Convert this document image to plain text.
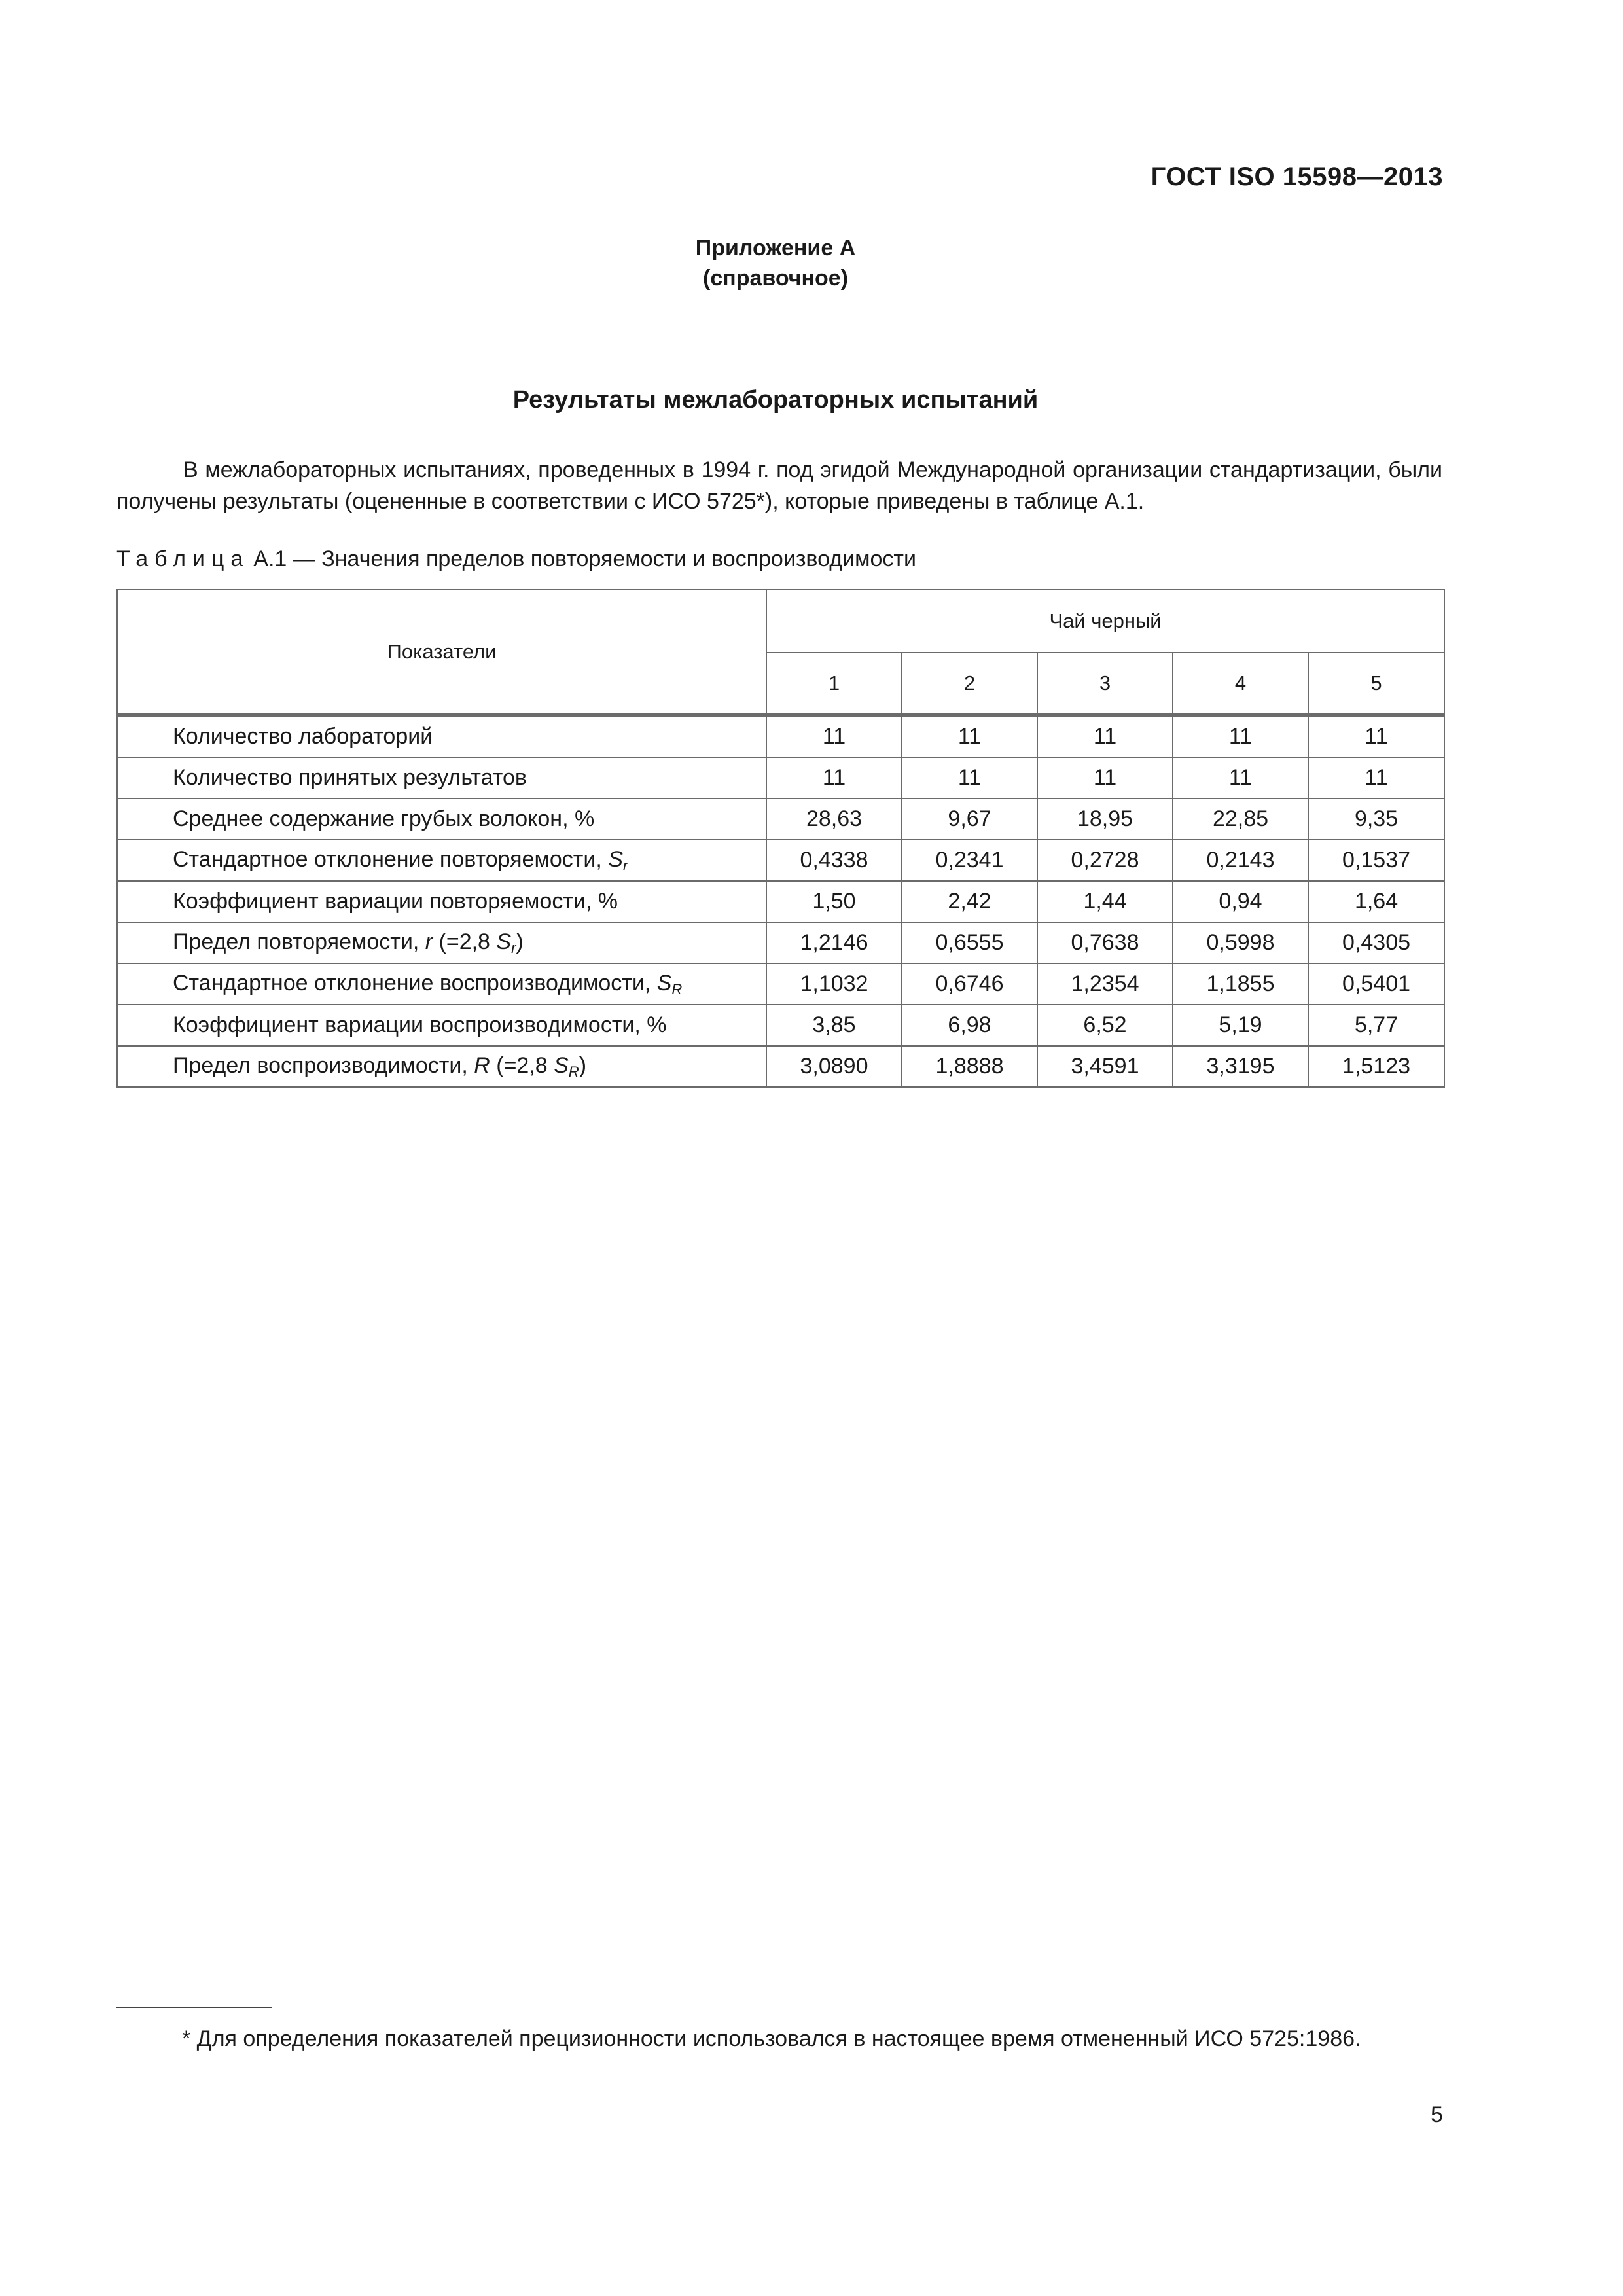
ГОСТ ISO 15598—2013
Приложение А
(справочное)
Результаты межлабораторных испытаний
В межлабораторных испытаниях, проведенных в 1994 г. под эгидой Международной организации стандартизации, были получены результаты (оцененные в соответствии с ИСО 5725*), которые приведены в таблице А.1.
Таблица А.1 — Значения пределов повторяемости и воспроизводимости
Показатели	Чай черный				
	1	2	3	4	5
Количество лабораторий	11	11	11	11	11
Количество принятых результатов	11	11	11	11	11
Среднее содержание грубых волокон, %	28,63	9,67	18,95	22,85	9,35
Стандартное отклонение повторяемости, $S_r$	0,4338	0,2341	0,2728	0,2143	0,1537
Коэффициент вариации повторяемости, %	1,50	2,42	1,44	0,94	1,64
Предел повторяемости, r (=2,8 $S_r$)	1,2146	0,6555	0,7638	0,5998	0,4305
Стандартное отклонение воспроизводимости, $S_R$	1,1032	0,6746	1,2354	1,1855	0,5401
Коэффициент вариации воспроизводимости, %	3,85	6,98	6,52	5,19	5,77
Предел воспроизводимости, R (=2,8 $S_R$)	3,0890	1,8888	3,4591	3,3195	1,5123
* Для определения показателей прецизионности использовался в настоящее время отмененный ИСО 5725:1986.
5
